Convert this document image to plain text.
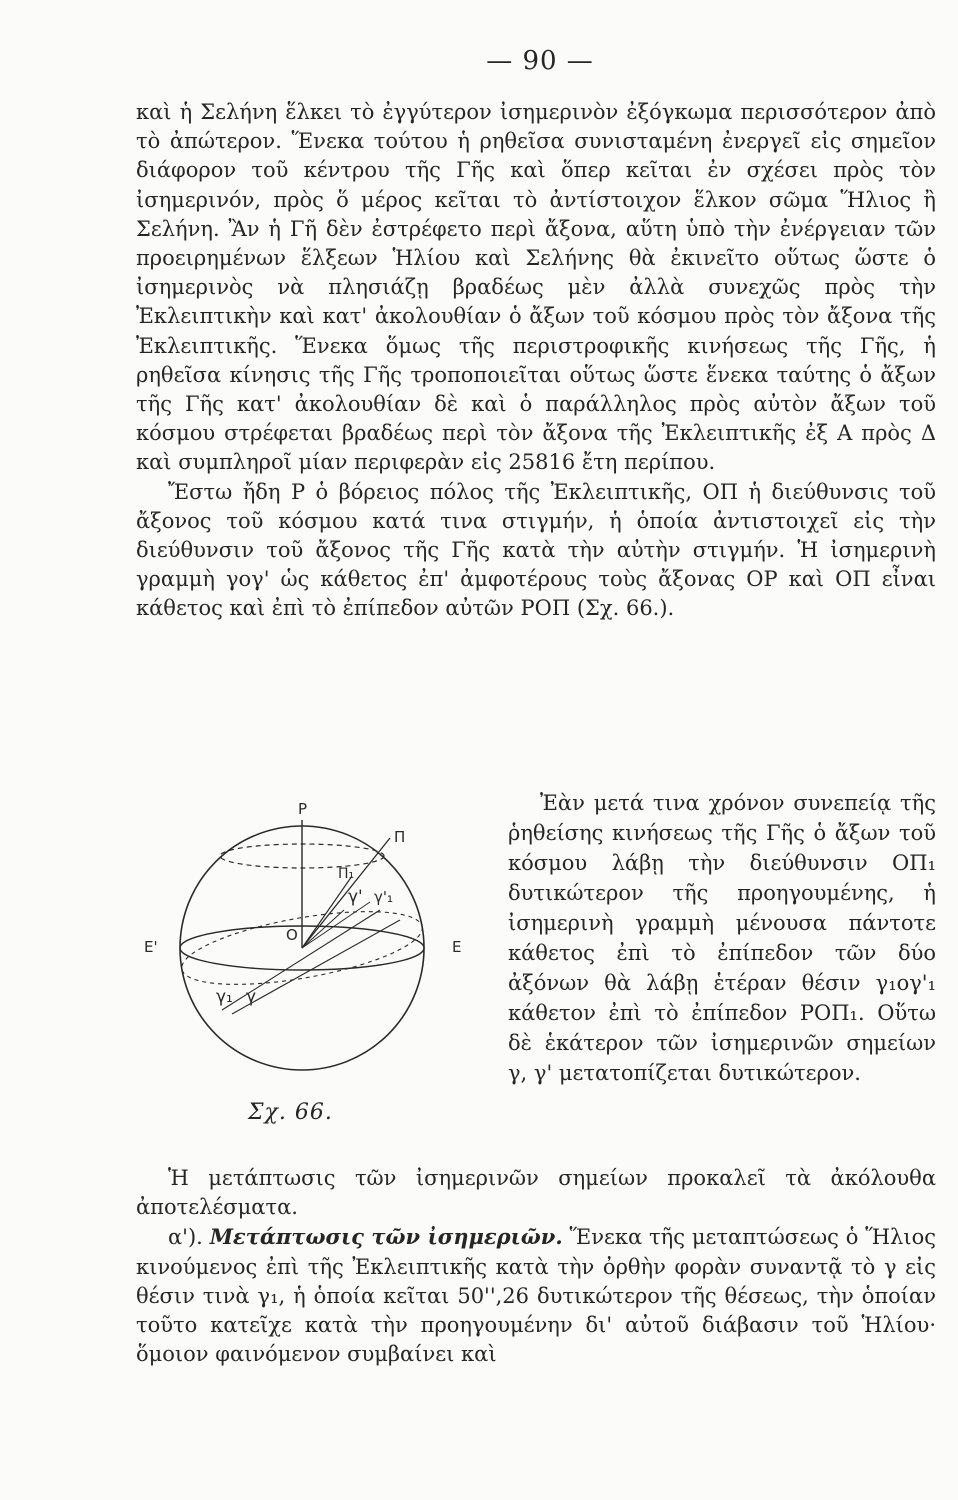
— 90 —

καὶ ἡ Σελήνη ἕλκει τὸ ἐγγύτερον ἰσημερινὸν ἐξόγκωμα περισσότερον ἀπὸ τὸ ἀπώτερον. Ἕνεκα τούτου ἡ ρηθεῖσα συνισταμένη ἐνεργεῖ εἰς σημεῖον διάφορον τοῦ κέντρου τῆς Γῆς καὶ ὅπερ κεῖται ἐν σχέσει πρὸς τὸν ἰσημερινόν, πρὸς ὅ μέρος κεῖται τὸ ἀντίστοιχον ἕλκον σῶμα Ἥλιος ἢ Σελήνη. Ἂν ἡ Γῆ δὲν ἐστρέφετο περὶ ἄξονα, αὕτη ὑπὸ τὴν ἐνέργειαν τῶν προειρημένων ἕλξεων Ἡλίου καὶ Σελήνης θὰ ἐκινεῖτο οὕτως ὥστε ὁ ἰσημερινὸς νὰ πλησιάζῃ βραδέως μὲν ἀλλὰ συνεχῶς πρὸς τὴν Ἐκλειπτικὴν καὶ κατ' ἀκολουθίαν ὁ ἄξων τοῦ κόσμου πρὸς τὸν ἄξονα τῆς Ἐκλειπτικῆς. Ἕνεκα ὅμως τῆς περιστροφικῆς κινήσεως τῆς Γῆς, ἡ ρηθεῖσα κίνησις τῆς Γῆς τροποποιεῖται οὕτως ὥστε ἕνεκα ταύτης ὁ ἄξων τῆς Γῆς κατ' ἀκολουθίαν δὲ καὶ ὁ παράλληλος πρὸς αὐτὸν ἄξων τοῦ κόσμου στρέφεται βραδέως περὶ τὸν ἄξονα τῆς Ἐκλειπτικῆς ἐξ Α πρὸς Δ καὶ συμπληροῖ μίαν περιφερὰν εἰς 25816 ἔτη περίπου.

Ἔστω ἤδη Ρ ὁ βόρειος πόλος τῆς Ἐκλειπτικῆς, ΟΠ ἡ διεύθυνσις τοῦ ἄξονος τοῦ κόσμου κατά τινα στιγμήν, ἡ ὁποία ἀντιστοιχεῖ εἰς τὴν διεύθυνσιν τοῦ ἄξονος τῆς Γῆς κατὰ τὴν αὐτὴν στιγμήν. Ἡ ἰσημερινὴ γραμμὴ γογ' ὡς κάθετος ἐπ' ἀμφοτέρους τοὺς ἄξονας ΟΡ καὶ ΟΠ εἶναι κάθετος καὶ ἐπὶ τὸ ἐπίπεδον αὐτῶν ΡΟΠ (Σχ. 66.).

P
Π
Π₁
O
Ε'	Ε
γ' γ'₁
γ₁ γ
Σχ. 66.

Ἐὰν μετά τινα χρόνον συνεπείᾳ τῆς ῥηθείσης κινήσεως τῆς Γῆς ὁ ἄξων τοῦ κόσμου λάβῃ τὴν διεύθυνσιν ΟΠ₁ δυτικώτερον τῆς προηγουμένης, ἡ ἰσημερινὴ γραμμὴ μένουσα πάντοτε κάθετος ἐπὶ τὸ ἐπίπεδον τῶν δύο ἀξόνων θὰ λάβῃ ἑτέραν θέσιν γ₁ογ'₁ κάθετον ἐπὶ τὸ ἐπίπεδον ΡΟΠ₁. Οὕτω δὲ ἑκάτερον τῶν ἰσημερινῶν σημείων γ, γ' μετατοπίζεται δυτικώτερον.

Ἡ μετάπτωσις τῶν ἰσημερινῶν σημείων προκαλεῖ τὰ ἀκόλουθα ἀποτελέσματα.

α'). Μετάπτωσις τῶν ἰσημεριῶν. Ἕνεκα τῆς μεταπτώσεως ὁ Ἥλιος κινούμενος ἐπὶ τῆς Ἐκλειπτικῆς κατὰ τὴν ὀρθὴν φορὰν συναντᾷ τὸ γ εἰς θέσιν τινὰ γ₁, ἡ ὁποία κεῖται 50'',26 δυτικώτερον τῆς θέσεως, τὴν ὁποίαν τοῦτο κατεῖχε κατὰ τὴν προηγουμένην δι' αὐτοῦ διάβασιν τοῦ Ἡλίου· ὅμοιον φαινόμενον συμβαίνει καὶ
